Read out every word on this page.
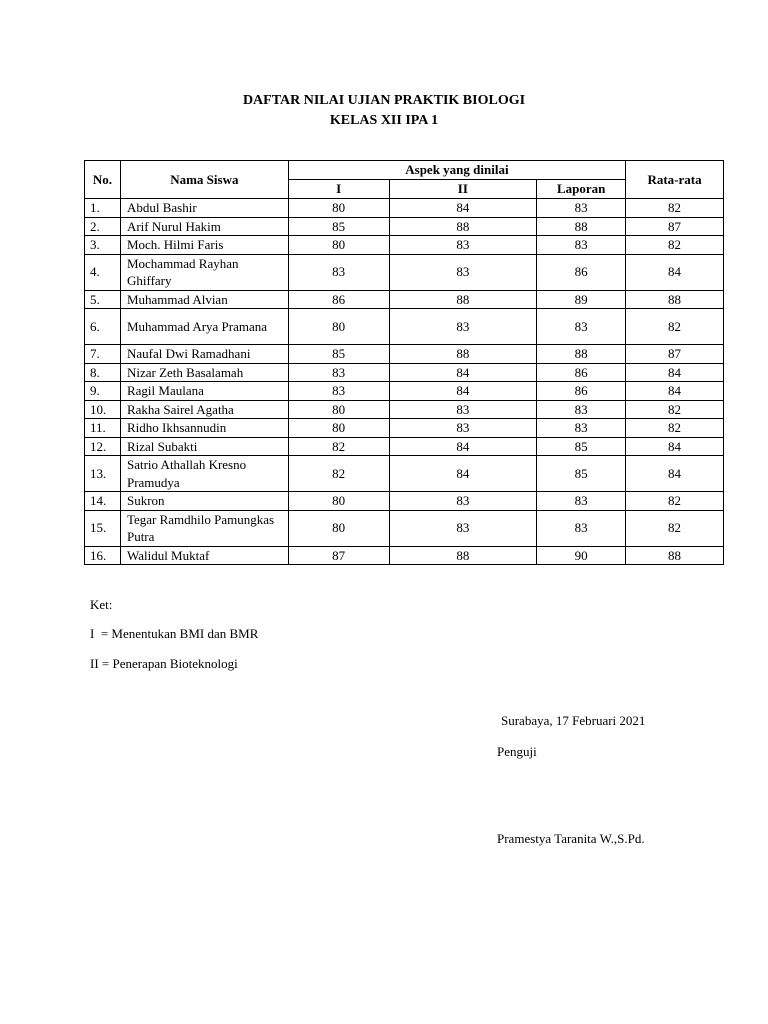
DAFTAR NILAI UJIAN PRAKTIK BIOLOGI
KELAS XII IPA 1
No.	Nama Siswa	Aspek yang dinilai			Rata-rata
		I	II	Laporan	
1.	Abdul Bashir	80	84	83	82
2.	Arif Nurul Hakim	85	88	88	87
3.	Moch. Hilmi Faris	80	83	83	82
4.	Mochammad Rayhan Ghiffary	83	83	86	84
5.	Muhammad Alvian	86	88	89	88
6.	Muhammad Arya Pramana	80	83	83	82
7.	Naufal Dwi Ramadhani	85	88	88	87
8.	Nizar Zeth Basalamah	83	84	86	84
9.	Ragil Maulana	83	84	86	84
10.	Rakha Sairel Agatha	80	83	83	82
11.	Ridho Ikhsannudin	80	83	83	82
12.	Rizal Subakti	82	84	85	84
13.	Satrio Athallah Kresno Pramudya	82	84	85	84
14.	Sukron	80	83	83	82
15.	Tegar Ramdhilo Pamungkas Putra	80	83	83	82
16.	Walidul Muktaf	87	88	90	88
Ket:
I  = Menentukan BMI dan BMR
II = Penerapan Bioteknologi
Surabaya, 17 Februari 2021
Penguji
Pramestya Taranita W.,S.Pd.
